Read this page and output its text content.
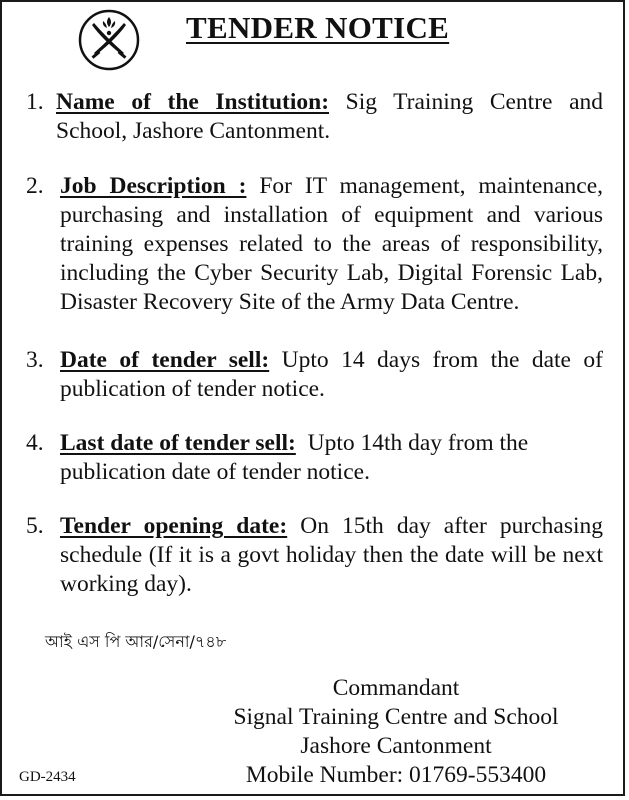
TENDER NOTICE
1. Name of the Institution: Sig Training Centre and School, Jashore Cantonment.
2. Job Description : For IT management, maintenance, purchasing and installation of equipment and various training expenses related to the areas of responsibility, including the Cyber Security Lab, Digital Forensic Lab, Disaster Recovery Site of the Army Data Centre.
3. Date of tender sell: Upto 14 days from the date of publication of tender notice.
4. Last date of tender sell:  Upto 14th day from the publication date of tender notice.
5. Tender opening date: On 15th day after purchasing schedule (If it is a govt holiday then the date will be next working day).
আই এস পি আর/সেনা/৭৪৮
Commandant
Signal Training Centre and School
Jashore Cantonment
Mobile Number: 01769-553400
GD-2434
